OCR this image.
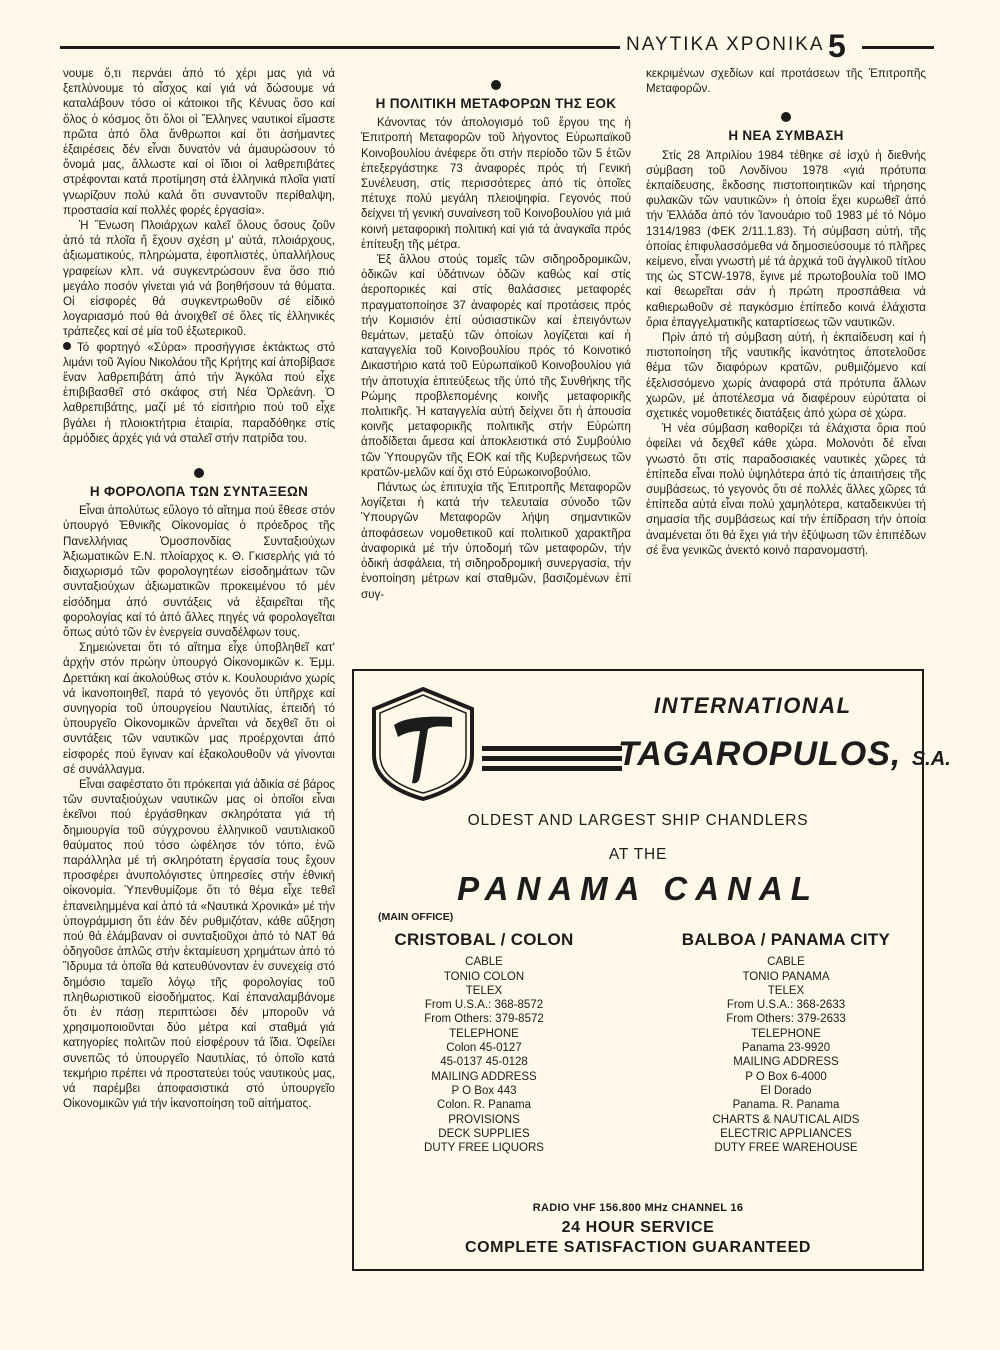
ΝΑΥΤΙΚΑ ΧΡΟΝΙΚΑ 5

νουμε ὅ,τι περνάει ἀπό τό χέρι μας γιά νά ξεπλύνουμε τό αἶσχος καί γιά νά δώσουμε νά καταλάβουν τόσο οἱ κάτοικοι τῆς Κένυας ὅσο καί ὅλος ὁ κόσμος ὅτι ὅλοι οἱ Ἕλληνες ναυτικοί εἴμαστε πρῶτα ἀπό ὅλα ἄνθρωποι καί ὅτι ἀσήμαντες ἐξαιρέσεις δέν εἶναι δυνατόν νά ἀμαυρώσουν τό ὄνομά μας, ἄλλωστε καί οἱ ἴδιοι οἱ λαθρεπιβάτες στρέφονται κατά προτίμηση στά ἑλληνικά πλοῖα γιατί γνωρίζουν πολύ καλά ὅτι συναντοῦν περίθαλψη, προστασία καί πολλές φορές ἐργασία».

Ἡ Ἕνωση Πλοιάρχων καλεῖ ὅλους ὅσους ζοῦν ἀπό τά πλοῖα ἤ ἔχουν σχέση μ' αὐτά, πλοιάρχους, ἀξιωματικούς, πληρώματα, ἐφοπλιστές, ὑπαλλήλους γραφείων κλπ. νά συγκεντρώσουν ἕνα ὅσο πιό μεγάλο ποσόν γίνεται γιά νά βοηθήσουν τά θύματα. Οἱ εἰσφορές θά συγκεντρωθοῦν σέ εἰδικό λογαριασμό πού θά ἀνοιχθεῖ σέ ὅλες τίς ἑλληνικές τράπεζες καί σέ μία τοῦ ἐξωτερικοῦ.

Τό φορτηγό «Σύρα» προσήγγισε ἐκτάκτως στό λιμάνι τοῦ Ἁγίου Νικολάου τῆς Κρήτης καί ἀποβίβασε ἕναν λαθρεπιβάτη ἀπό τήν Ἀγκόλα πού εἶχε ἐπιβιβασθεῖ στό σκάφος στή Νέα Ὀρλεάνη. Ὁ λαθρεπιβάτης, μαζί μέ τό εἰσιτήριο πού τοῦ εἶχε βγάλει ἡ πλοιοκτήτρια ἑταιρία, παραδόθηκε στίς ἁρμόδιες ἀρχές γιά νά σταλεῖ στήν πατρίδα του.

Η ΦΟΡΟΛΟΠΑ ΤΩΝ ΣΥΝΤΑΞΕΩΝ

Εἶναι ἀπολύτως εὔλογο τό αἴτημα πού ἔθεσε στόν ὑπουργό Ἐθνικῆς Οἰκονομίας ὁ πρόεδρος τῆς Πανελλήνιας Ὁμοσπονδίας Συνταξιούχων Ἀξιωματικῶν Ε.Ν. πλοίαρχος κ. Θ. Γκισερλής γιά τό διαχωρισμό τῶν φορολογητέων εἰσοδημάτων τῶν συνταξιούχων ἀξιωματικῶν προκειμένου τό μέν εἰσόδημα ἀπό συντάξεις νά ἐξαιρεῖται τῆς φορολογίας καί τό ἀπό ἄλλες πηγές νά φορολογεῖται ὅπως αὐτό τῶν ἐν ἐνεργεία συναδέλφων τους.

Σημειώνεται ὅτι τό αἴτημα εἶχε ὑποβληθεῖ κατ' ἀρχήν στόν πρώην ὑπουργό Οἰκονομικῶν κ. Ἐμμ. Δρεττάκη καί ἀκολούθως στόν κ. Κουλουριάνο χωρίς νά ἱκανοποιηθεῖ, παρά τό γεγονός ὅτι ὑπῆρχε καί συνηγορία τοῦ ὑπουργείου Ναυτιλίας, ἐπειδή τό ὑπουργεῖο Οἰκονομικῶν ἀρνεῖται νά δεχθεῖ ὅτι οἱ συντάξεις τῶν ναυτικῶν μας προέρχονται ἀπό εἰσφορές πού ἔγιναν καί ἐξακολουθοῦν νά γίνονται σέ συνάλλαγμα.

Εἶναι σαφέστατο ὅτι πρόκειται γιά ἀδικία σέ βάρος τῶν συνταξιούχων ναυτικῶν μας οἱ ὁποῖοι εἶναι ἐκεῖνοι πού ἐργάσθηκαν σκληρότατα γιά τή δημιουργία τοῦ σύγχρονου ἑλληνικοῦ ναυτιλιακοῦ θαύματος πού τόσο ὠφέλησε τόν τόπο, ἐνῶ παράλληλα μέ τή σκληρότατη ἐργασία τους ἔχουν προσφέρει ἀνυπολόγιστες ὑπηρεσίες στήν ἐθνική οἰκονομία. Ὑπενθυμίζομε ὅτι τό θέμα εἶχε τεθεῖ ἐπανειλημμένα καί ἀπό τά «Ναυτικά Χρονικά» μέ τήν ὑπογράμμιση ὅτι ἐάν δέν ρυθμιζόταν, κάθε αὔξηση πού θά ἐλάμβαναν οἱ συνταξιοῦχοι ἀπό τό ΝΑΤ θά ὁδηγοῦσε ἁπλῶς στήν ἐκταμίευση χρημάτων ἀπό τό Ἵδρυμα τά ὁποῖα θά κατευθύνονταν ἐν συνεχείᾳ στό δημόσιο ταμεῖο λόγῳ τῆς φορολογίας τοῦ πληθωριστικοῦ εἰσοδήματος. Καί ἐπαναλαμβάνομε ὅτι ἐν πάσῃ περιπτώσει δέν μποροῦν νά χρησιμοποιοῦνται δύο μέτρα καί σταθμά γιά κατηγορίες πολιτῶν πού εἰσφέρουν τά ἴδια. Ὀφείλει συνεπῶς τό ὑπουργεῖο Ναυτιλίας, τό ὁποῖο κατά τεκμήριο πρέπει νά προστατεύει τούς ναυτικούς μας, νά παρέμβει ἀποφασιστικά στό ὑπουργεῖο Οἰκονομικῶν γιά τήν ἱκανοποίηση τοῦ αἰτήματος.

Η ΠΟΛΙΤΙΚΗ ΜΕΤΑΦΟΡΩΝ ΤΗΣ ΕΟΚ

Κάνοντας τόν ἀπολογισμό τοῦ ἔργου της ἡ Ἐπιτροπή Μεταφορῶν τοῦ λήγοντος Εὐρωπαϊκοῦ Κοινοβουλίου ἀνέφερε ὅτι στήν περίοδο τῶν 5 ἐτῶν ἐπεξεργάστηκε 73 ἀναφορές πρός τή Γενική Συνέλευση, στίς περισσότερες ἀπό τίς ὁποῖες πέτυχε πολύ μεγάλη πλειοψηφία. Γεγονός πού δείχνει τή γενική συναίνεση τοῦ Κοινοβουλίου γιά μιά κοινή μεταφορική πολιτική καί γιά τά ἀναγκαῖα πρός ἐπίτευξη τῆς μέτρα.

Ἐξ ἄλλου στούς τομεῖς τῶν σιδηροδρομικῶν, ὁδικῶν καί ὑδάτινων ὁδῶν καθώς καί στίς ἀεροπορικές καί στίς θαλάσσιες μεταφορές πραγματοποίησε 37 ἀναφορές καί προτάσεις πρός τήν Κομισιόν ἐπί οὐσιαστικῶν καί ἐπειγόντων θεμάτων, μεταξύ τῶν ὁποίων λογίζεται καί ἡ καταγγελία τοῦ Κοινοβουλίου πρός τό Κοινοτικό Δικαστήριο κατά τοῦ Εὐρωπαϊκοῦ Κοινοβουλίου γιά τήν ἀποτυχία ἐπιτεύξεως τῆς ὑπό τῆς Συνθήκης τῆς Ρώμης προβλεπομένης κοινῆς μεταφορικῆς πολιτικῆς. Ἡ καταγγελία αὐτή δείχνει ὅτι ἡ ἀπουσία κοινῆς μεταφορικῆς πολιτικῆς στήν Εὐρώπη ἀποδίδεται ἄμεσα καί ἀποκλειστικά στό Συμβούλιο τῶν Ὑπουργῶν τῆς ΕΟΚ καί τῆς Κυβερνήσεως τῶν κρατῶν-μελῶν καί ὄχι στό Εὐρωκοινοβούλιο.

Πάντως ὡς ἐπιτυχία τῆς Ἐπιτροπῆς Μεταφορῶν λογίζεται ἡ κατά τήν τελευταία σύνοδο τῶν Ὑπουργῶν Μεταφορῶν λήψη σημαντικῶν ἀποφάσεων νομοθετικοῦ καί πολιτικοῦ χαρακτῆρα ἀναφορικά μέ τήν ὑποδομή τῶν μεταφορῶν, τήν ὁδική ἀσφάλεια, τή σιδηροδρομική συνεργασία, τήν ἑνοποίηση μέτρων καί σταθμῶν, βασιζομένων ἐπί συγ-

κεκριμένων σχεδίων καί προτάσεων τῆς Ἐπιτροπῆς Μεταφορῶν.

Η ΝΕΑ ΣΥΜΒΑΣΗ

Στίς 28 Ἀπριλίου 1984 τέθηκε σέ ἰσχύ ἡ διεθνής σύμβαση τοῦ Λονδίνου 1978 «γιά πρότυπα ἐκπαίδευσης, ἔκδοσης πιστοποιητικῶν καί τήρησης φυλακῶν τῶν ναυτικῶν» ἡ ὁποία ἔχει κυρωθεῖ ἀπό τήν Ἑλλάδα ἀπό τόν Ἰανουάριο τοῦ 1983 μέ τό Νόμο 1314/1983 (ΦΕΚ 2/11.1.83). Τή σύμβαση αὐτή, τῆς ὁποίας ἐπιφυλασσόμεθα νά δημοσιεύσουμε τό πλῆρες κείμενο, εἶναι γνωστή μέ τά ἀρχικά τοῦ ἀγγλικοῦ τίτλου της ὡς STCW-1978, ἔγινε μέ πρωτοβουλία τοῦ ΙΜΟ καί θεωρεῖται σάν ἡ πρώτη προσπάθεια νά καθιερωθοῦν σέ παγκόσμιο ἐπίπεδο κοινά ἐλάχιστα ὅρια ἐπαγγελματικῆς καταρτίσεως τῶν ναυτικῶν.

Πρίν ἀπό τή σύμβαση αὐτή, ἡ ἐκπαίδευση καί ἡ πιστοποίηση τῆς ναυτικῆς ἱκανότητος ἀποτελοῦσε θέμα τῶν διαφόρων κρατῶν, ρυθμιζόμενο καί ἐξελισσόμενο χωρίς ἀναφορά στά πρότυπα ἄλλων χωρῶν, μέ ἀποτέλεσμα νά διαφέρουν εὐρύτατα οἱ σχετικές νομοθετικές διατάξεις ἀπό χώρα σέ χώρα.

Ἡ νέα σύμβαση καθορίζει τά ἐλάχιστα ὅρια πού ὀφείλει νά δεχθεῖ κάθε χώρα. Μολονότι δέ εἶναι γνωστό ὅτι στίς παραδοσιακές ναυτικές χῶρες τά ἐπίπεδα εἶναι πολύ ὑψηλότερα ἀπό τίς ἀπαιτήσεις τῆς συμβάσεως, τό γεγονός ὅτι σέ πολλές ἄλλες χῶρες τά ἐπίπεδα αὐτά εἶναι πολύ χαμηλότερα, καταδεικνύει τή σημασία τῆς συμβάσεως καί τήν ἐπίδραση τήν ὁποία ἀναμένεται ὅτι θά ἔχει γιά τήν ἐξύψωση τῶν ἐπιπέδων σέ ἕνα γενικῶς ἀνεκτό κοινό παρανομαστή.

INTERNATIONAL
TAGAROPULOS, S.A.
OLDEST AND LARGEST SHIP CHANDLERS
AT THE
PANAMA CANAL
(MAIN OFFICE)
CRISTOBAL / COLON
CABLE
TONIO COLON
TELEX
From U.S.A.: 368-8572
From Others: 379-8572
TELEPHONE
Colon 45-0127
45-0137 45-0128
MAILING ADDRESS
P O Box 443
Colon. R. Panama
PROVISIONS
DECK SUPPLIES
DUTY FREE LIQUORS
BALBOA / PANAMA CITY
CABLE
TONIO PANAMA
TELEX
From U.S.A.: 368-2633
From Others: 379-2633
TELEPHONE
Panama 23-9920
MAILING ADDRESS
P O Box 6-4000
El Dorado
Panama. R. Panama
CHARTS & NAUTICAL AIDS
ELECTRIC APPLIANCES
DUTY FREE WAREHOUSE
RADIO VHF 156.800 MHz CHANNEL 16
24 HOUR SERVICE
COMPLETE SATISFACTION GUARANTEED
